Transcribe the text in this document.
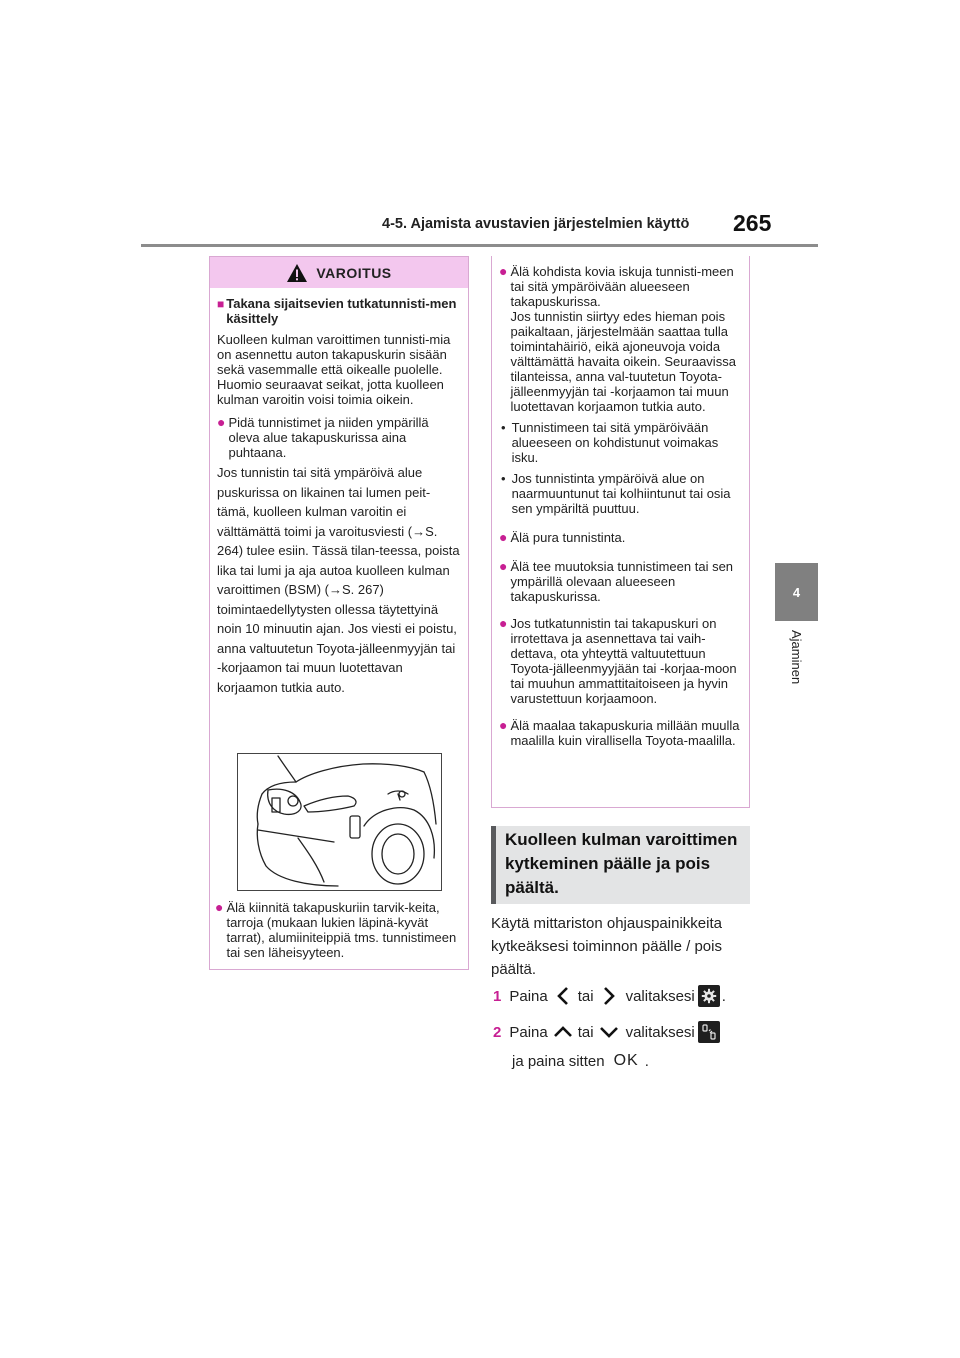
4-5. Ajamista avustavien järjestelmien käyttö 265
4
Ajaminen
VAROITUS
■ Takana sijaitsevien tutkatunnisti-men käsittely
Kuolleen kulman varoittimen tunnisti-mia on asennettu auton takapuskurin sisään sekä vasemmalle että oikealle puolelle. Huomio seuraavat seikat, jotta kuolleen kulman varoitin voisi toimia oikein.
● Pidä tunnistimet ja niiden ympärillä oleva alue takapuskurissa aina puhtaana.
Jos tunnistin tai sitä ympäröivä alue puskurissa on likainen tai lumen peit-tämä, kuolleen kulman varoitin ei välttämättä toimi ja varoitusviesti (→S. 264) tulee esiin. Tässä tilan-teessa, poista lika tai lumi ja aja autoa kuolleen kulman varoittimen (BSM) (→S. 267) toimintaedellytysten ollessa täytettyinä noin 10 minuutin ajan. Jos viesti ei poistu, anna valtuutetun Toyota-jälleenmyyjän tai -korjaamon tai muun luotettavan korjaamon tutkia auto.
● Älä kiinnitä takapuskuriin tarvik-keita, tarroja (mukaan lukien läpinä-kyvät tarrat), alumiiniteippiä tms. tunnistimeen tai sen läheisyyteen.
● Älä kohdista kovia iskuja tunnisti-meen tai sitä ympäröivään alueeseen takapuskurissa.
Jos tunnistin siirtyy edes hieman pois paikaltaan, järjestelmään saattaa tulla toimintahäiriö, eikä ajoneuvoja voida välttämättä havaita oikein. Seuraavissa tilanteissa, anna val-tuutetun Toyota-jälleenmyyjän tai -korjaamon tai muun luotettavan korjaamon tutkia auto.
• Tunnistimeen tai sitä ympäröivään alueeseen on kohdistunut voimakas isku.
• Jos tunnistinta ympäröivä alue on naarmuuntunut tai kolhiintunut tai osia sen ympäriltä puuttuu.
● Älä pura tunnistinta.
● Älä tee muutoksia tunnistimeen tai sen ympärillä olevaan alueeseen takapuskurissa.
● Jos tutkatunnistin tai takapuskuri on irrotettava ja asennettava tai vaih-dettava, ota yhteyttä valtuutettuun Toyota-jälleenmyyjään tai -korjaa-moon tai muuhun ammattitaitoiseen ja hyvin varustettuun korjaamoon.
● Älä maalaa takapuskuria millään muulla maalilla kuin virallisella Toyota-maalilla.
Kuolleen kulman varoittimen kytkeminen päälle ja pois päältä.
Käytä mittariston ohjauspainikkeita kytkeäksesi toiminnon päälle / pois päältä.
1 Paina tai valitaksesi .
2 Paina tai valitaksesi
ja paina sitten OK .
